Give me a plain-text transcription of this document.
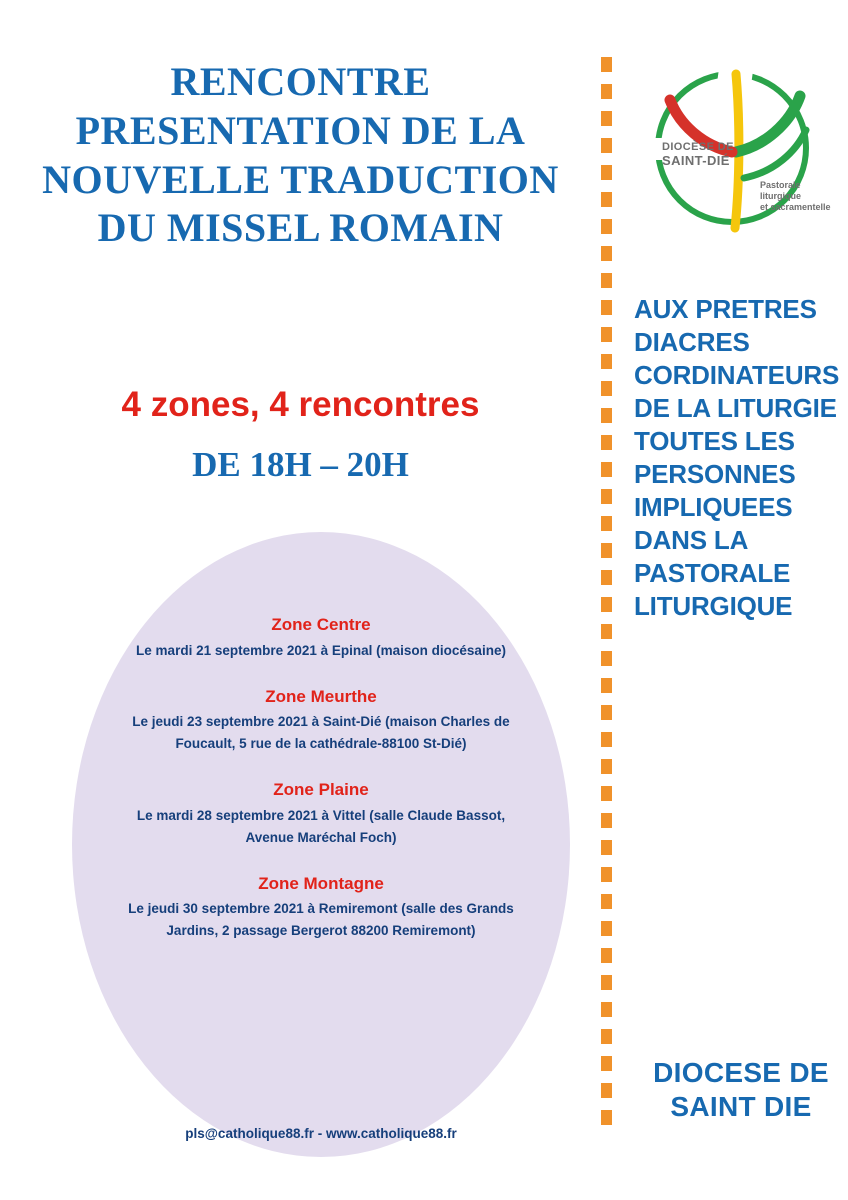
RENCONTRE PRESENTATION DE LA NOUVELLE TRADUCTION DU MISSEL ROMAIN
4 zones, 4 rencontres
DE 18H – 20H
Zone Centre
Le mardi 21 septembre 2021 à Epinal (maison diocésaine)
Zone Meurthe
Le jeudi 23 septembre 2021 à Saint-Dié (maison Charles de Foucault, 5 rue de la cathédrale-88100 St-Dié)
Zone Plaine
Le mardi 28 septembre 2021 à Vittel (salle Claude Bassot, Avenue Maréchal Foch)
Zone Montagne
Le jeudi 30 septembre 2021 à Remiremont (salle des Grands Jardins, 2 passage Bergerot 88200 Remiremont)
pls@catholique88.fr - www.catholique88.fr
DIOCÈSE DE
SAINT-DIÉ
Pastorale
liturgique
et sacramentelle
AUX PRETRES
DIACRES
CORDINATEURS
DE LA LITURGIE
TOUTES LES
PERSONNES
IMPLIQUEES
DANS LA
PASTORALE
LITURGIQUE
DIOCESE DE
SAINT DIE
